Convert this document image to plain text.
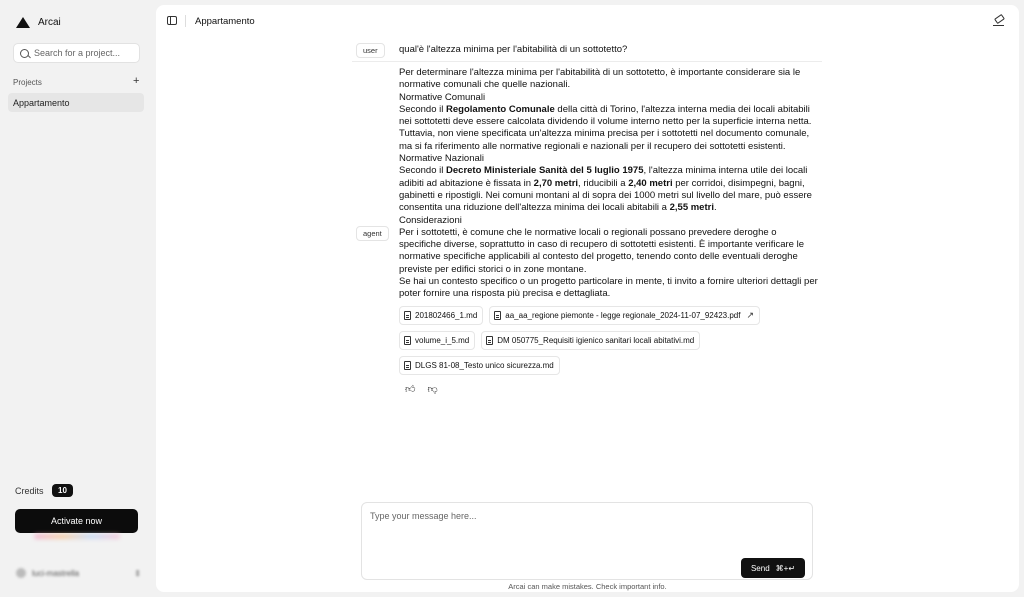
Arcai
Search for a project...
Projects	+
Appartamento
Credits	10
Activate now
luci-mastrella	⇕
Appartamento
user	qual'è l'altezza minima per l'abitabilità di un sottotetto?
agent

Per determinare l'altezza minima per l'abitabilità di un sottotetto, è importante considerare sia le normative comunali che quelle nazionali.

Normative Comunali

Secondo il Regolamento Comunale della città di Torino, l'altezza interna media dei locali abitabili nei sottotetti deve essere calcolata dividendo il volume interno netto per la superficie interna netta. Tuttavia, non viene specificata un'altezza minima precisa per i sottotetti nel documento comunale, ma si fa riferimento alle normative regionali e nazionali per il recupero dei sottotetti esistenti.

Normative Nazionali

Secondo il Decreto Ministeriale Sanità del 5 luglio 1975, l'altezza minima interna utile dei locali adibiti ad abitazione è fissata in 2,70 metri, riducibili a 2,40 metri per corridoi, disimpegni, bagni, gabinetti e ripostigli. Nei comuni montani al di sopra dei 1000 metri sul livello del mare, può essere consentita una riduzione dell'altezza minima dei locali abitabili a 2,55 metri.

Considerazioni

Per i sottotetti, è comune che le normative locali o regionali possano prevedere deroghe o specifiche diverse, soprattutto in caso di recupero di sottotetti esistenti. È importante verificare le normative specifiche applicabili al contesto del progetto, tenendo conto delle eventuali deroghe previste per edifici storici o in zone montane.

Se hai un contesto specifico o un progetto particolare in mente, ti invito a fornire ulteriori dettagli per poter fornire una risposta più precisa e dettagliata.

201802466_1.md	aa_aa_regione piemonte - legge regionale_2024-11-07_92423.pdf ↗
volume_i_5.md	DM 050775_Requisiti igienico sanitari locali abitativi.md
DLGS 81-08_Testo unico sicurezza.md
👍︎ 👎︎
Type your message here...
Send ⌘+↵
Arcai can make mistakes. Check important info.
